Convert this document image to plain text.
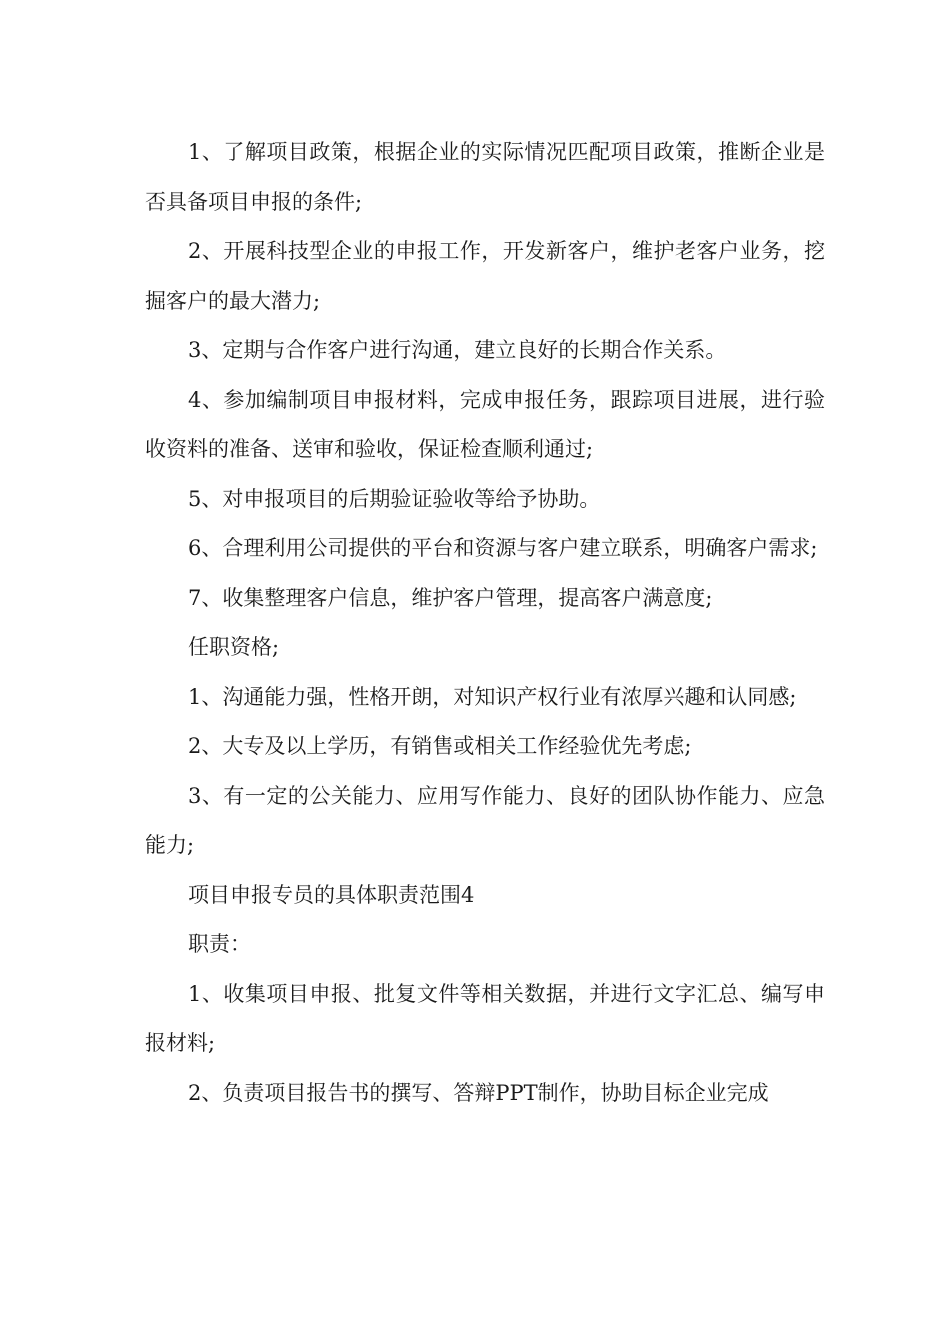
1、了解项目政策，根据企业的实际情况匹配项目政策，推断企业是否具备项目申报的条件;

2、开展科技型企业的申报工作，开发新客户，维护老客户业务，挖掘客户的最大潜力;

3、定期与合作客户进行沟通，建立良好的长期合作关系。

4、参加编制项目申报材料，完成申报任务，跟踪项目进展，进行验收资料的准备、送审和验收，保证检查顺利通过;

5、对申报项目的后期验证验收等给予协助。

6、合理利用公司提供的平台和资源与客户建立联系，明确客户需求;

7、收集整理客户信息，维护客户管理，提高客户满意度;

任职资格;

1、沟通能力强，性格开朗，对知识产权行业有浓厚兴趣和认同感;

2、大专及以上学历，有销售或相关工作经验优先考虑;

3、有一定的公关能力、应用写作能力、良好的团队协作能力、应急能力;

项目申报专员的具体职责范围4

职责：

1、收集项目申报、批复文件等相关数据，并进行文字汇总、编写申报材料;

2、负责项目报告书的撰写、答辩PPT制作，协助目标企业完成
